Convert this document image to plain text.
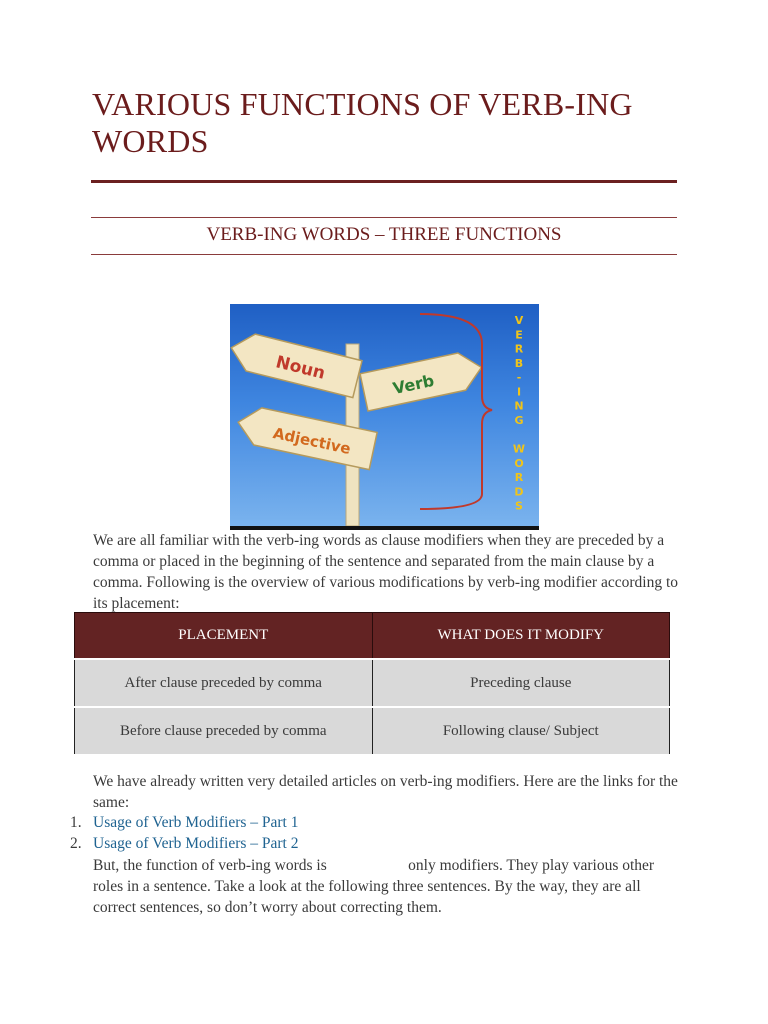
VARIOUS FUNCTIONS OF VERB-ING WORDS
VERB-ING WORDS – THREE FUNCTIONS
Noun
Verb
Adjective
V
E
R
B
-
I
N
G
W
O
R
D
S

We are all familiar with the verb-ing words as clause modifiers when they are preceded by a comma or placed in the beginning of the sentence and separated from the main clause by a comma. Following is the overview of various modifications by verb-ing modifier according to its placement:

PLACEMENT	WHAT DOES IT MODIFY
After clause preceded by comma	Preceding clause
Before clause preceded by comma	Following clause/ Subject

We have already written very detailed articles on verb-ing modifiers. Here are the links for the same:

1. Usage of Verb Modifiers – Part 1
2. Usage of Verb Modifiers – Part 2

But, the function of verb-ing words is                     only modifiers. They play various other roles in a sentence. Take a look at the following three sentences. By the way, they are all correct sentences, so don’t worry about correcting them.
